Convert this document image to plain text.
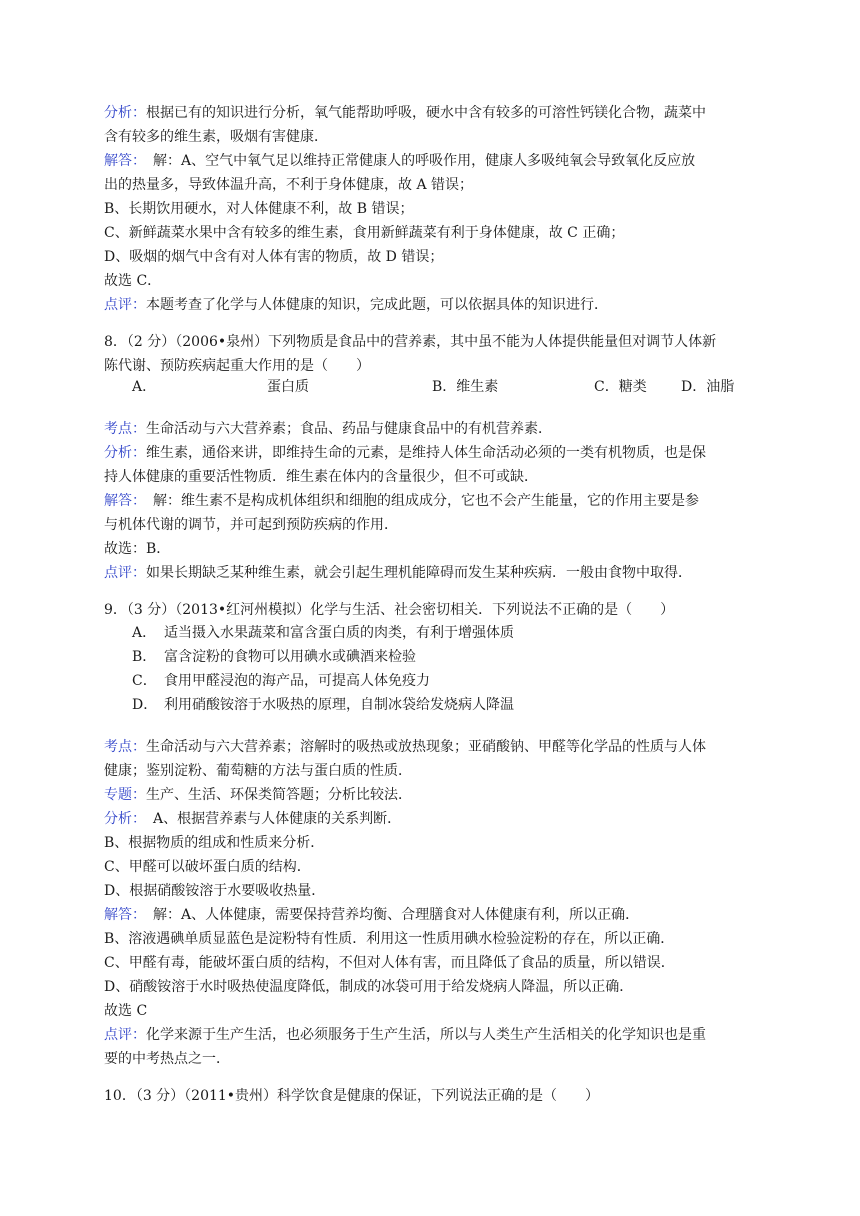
分析：根据已有的知识进行分析，氧气能帮助呼吸，硬水中含有较多的可溶性钙镁化合物，蔬菜中
含有较多的维生素，吸烟有害健康．
解答：　解：A、空气中氧气足以维持正常健康人的呼吸作用，健康人多吸纯氧会导致氧化反应放
出的热量多，导致体温升高，不利于身体健康，故 A 错误；
B、长期饮用硬水，对人体健康不利，故 B 错误；
C、新鲜蔬菜水果中含有较多的维生素，食用新鲜蔬菜有利于身体健康，故 C 正确；
D、吸烟的烟气中含有对人体有害的物质，故 D 错误；
故选 C．
点评：本题考查了化学与人体健康的知识，完成此题，可以依据具体的知识进行．
8．（2 分）（2006•泉州）下列物质是食品中的营养素，其中虽不能为人体提供能量但对调节人体新
陈代谢、预防疾病起重大作用的是（　　）
A．	蛋白质	B．维生素	C．糖类 D．油脂
考点：生命活动与六大营养素；食品、药品与健康食品中的有机营养素．
分析：维生素，通俗来讲，即维持生命的元素，是维持人体生命活动必须的一类有机物质，也是保
持人体健康的重要活性物质．维生素在体内的含量很少，但不可或缺．
解答：　解：维生素不是构成机体组织和细胞的组成成分，它也不会产生能量，它的作用主要是参
与机体代谢的调节，并可起到预防疾病的作用．
故选：B．
点评：如果长期缺乏某种维生素，就会引起生理机能障碍而发生某种疾病．一般由食物中取得．
9．（3 分）（2013•红河州模拟）化学与生活、社会密切相关．下列说法不正确的是（　　）
A． 适当摄入水果蔬菜和富含蛋白质的肉类，有利于增强体质
B． 富含淀粉的食物可以用碘水或碘酒来检验
C． 食用甲醛浸泡的海产品，可提高人体免疫力
D． 利用硝酸铵溶于水吸热的原理，自制冰袋给发烧病人降温
考点：生命活动与六大营养素；溶解时的吸热或放热现象；亚硝酸钠、甲醛等化学品的性质与人体
健康；鉴别淀粉、葡萄糖的方法与蛋白质的性质．
专题：生产、生活、环保类简答题；分析比较法．
分析：　A、根据营养素与人体健康的关系判断．
B、根据物质的组成和性质来分析．
C、甲醛可以破坏蛋白质的结构．
D、根据硝酸铵溶于水要吸收热量．
解答：　解：A、人体健康，需要保持营养均衡、合理膳食对人体健康有利，所以正确．
B、溶液遇碘单质显蓝色是淀粉特有性质．利用这一性质用碘水检验淀粉的存在，所以正确．
C、甲醛有毒，能破坏蛋白质的结构，不但对人体有害，而且降低了食品的质量，所以错误．
D、硝酸铵溶于水时吸热使温度降低，制成的冰袋可用于给发烧病人降温，所以正确．
故选 C
点评：化学来源于生产生活，也必须服务于生产生活，所以与人类生产生活相关的化学知识也是重
要的中考热点之一．
10．（3 分）（2011•贵州）科学饮食是健康的保证，下列说法正确的是（　　）
